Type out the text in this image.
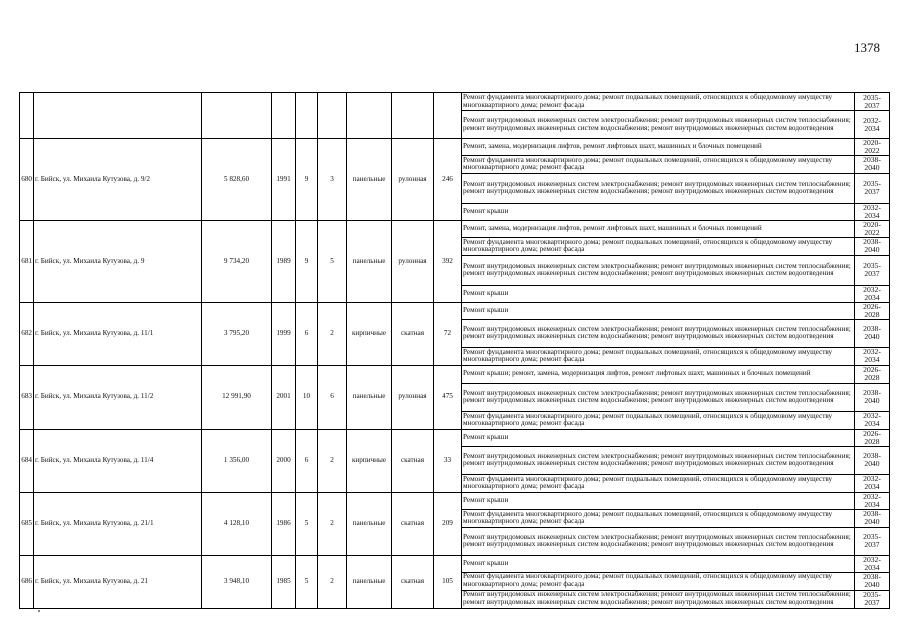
1378
									Ремонт фундамента многоквартирного дома; ремонт подвальных помещений, относящихся к общедомовому имуществу многоквартирного дома; ремонт фасада	2035-2037
									Ремонт внутридомовых инженерных систем электроснабжения; ремонт внутридомовых инженерных систем теплоснабжения; ремонт внутридомовых инженерных систем водоснабжения; ремонт внутридомовых инженерных систем водоотведения	2032-2034
680	г. Бийск, ул. Михаила Кутузова, д. 9/2	5 828,60	1991	9	3	панельные	рулонная	246	Ремонт, замена, модернизация лифтов, ремонт лифтовых шахт, машинных и блочных помещений	2020-2022
									Ремонт фундамента многоквартирного дома; ремонт подвальных помещений, относящихся к общедомовому имуществу многоквартирного дома; ремонт фасада	2038-2040
									Ремонт внутридомовых инженерных систем электроснабжения; ремонт внутридомовых инженерных систем теплоснабжения; ремонт внутридомовых инженерных систем водоснабжения; ремонт внутридомовых инженерных систем водоотведения	2035-2037
									Ремонт крыши	2032-2034
681	г. Бийск, ул. Михаила Кутузова, д. 9	9 734,20	1989	9	5	панельные	рулонная	392	Ремонт, замена, модернизация лифтов, ремонт лифтовых шахт, машинных и блочных помещений	2020-2022
									Ремонт фундамента многоквартирного дома; ремонт подвальных помещений, относящихся к общедомовому имуществу многоквартирного дома; ремонт фасада	2038-2040
									Ремонт внутридомовых инженерных систем электроснабжения; ремонт внутридомовых инженерных систем теплоснабжения; ремонт внутридомовых инженерных систем водоснабжения; ремонт внутридомовых инженерных систем водоотведения	2035-2037
									Ремонт крыши	2032-2034
682	г. Бийск, ул. Михаила Кутузова, д. 11/1	3 795,20	1999	6	2	кирпичные	скатная	72	Ремонт крыши	2026-2028
									Ремонт внутридомовых инженерных систем электроснабжения; ремонт внутридомовых инженерных систем теплоснабжения; ремонт внутридомовых инженерных систем водоснабжения; ремонт внутридомовых инженерных систем водоотведения	2038-2040
									Ремонт фундамента многоквартирного дома; ремонт подвальных помещений, относящихся к общедомовому имуществу многоквартирного дома; ремонт фасада	2032-2034
683	г. Бийск, ул. Михаила Кутузова, д. 11/2	12 991,90	2001	10	6	панельные	рулонная	475	Ремонт крыши; ремонт, замена, модернизация лифтов, ремонт лифтовых шахт, машинных и блочных помещений	2026-2028
									Ремонт внутридомовых инженерных систем электроснабжения; ремонт внутридомовых инженерных систем теплоснабжения; ремонт внутридомовых инженерных систем водоснабжения; ремонт внутридомовых инженерных систем водоотведения	2038-2040
									Ремонт фундамента многоквартирного дома; ремонт подвальных помещений, относящихся к общедомовому имуществу многоквартирного дома; ремонт фасада	2032-2034
684	г. Бийск, ул. Михаила Кутузова, д. 11/4	1 356,00	2000	6	2	кирпичные	скатная	33	Ремонт крыши	2026-2028
									Ремонт внутридомовых инженерных систем электроснабжения; ремонт внутридомовых инженерных систем теплоснабжения; ремонт внутридомовых инженерных систем водоснабжения; ремонт внутридомовых инженерных систем водоотведения	2038-2040
									Ремонт фундамента многоквартирного дома; ремонт подвальных помещений, относящихся к общедомовому имуществу многоквартирного дома; ремонт фасада	2032-2034
685	г. Бийск, ул. Михаила Кутузова, д. 21/1	4 128,10	1986	5	2	панельные	скатная	209	Ремонт крыши	2032-2034
									Ремонт фундамента многоквартирного дома; ремонт подвальных помещений, относящихся к общедомовому имуществу многоквартирного дома; ремонт фасада	2038-2040
									Ремонт внутридомовых инженерных систем электроснабжения; ремонт внутридомовых инженерных систем теплоснабжения; ремонт внутридомовых инженерных систем водоснабжения; ремонт внутридомовых инженерных систем водоотведения	2035-2037
686	г. Бийск, ул. Михаила Кутузова, д. 21	3 948,10	1985	5	2	панельные	скатная	105	Ремонт крыши	2032-2034
									Ремонт фундамента многоквартирного дома; ремонт подвальных помещений, относящихся к общедомовому имуществу многоквартирного дома; ремонт фасада	2038-2040
									Ремонт внутридомовых инженерных систем электроснабжения; ремонт внутридомовых инженерных систем теплоснабжения; ремонт внутридомовых инженерных систем водоснабжения; ремонт внутридомовых инженерных систем водоотведения	2035-2037
